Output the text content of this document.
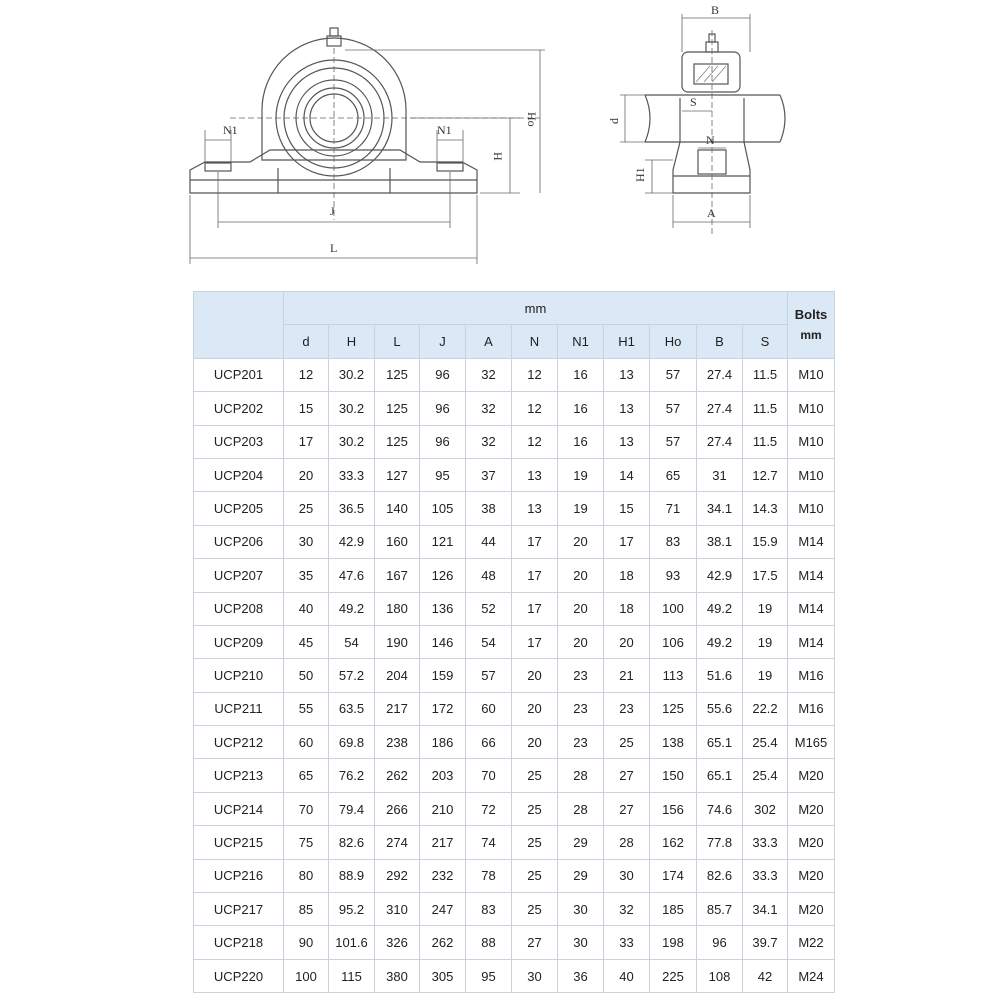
N1	N1
H
Ho
J
L
B
S
d
N
H1
A
	mm											Bolts
mm

	d	H	L	J	A	N	N1	H1	Ho	B	S	
UCP201	12	30.2	125	96	32	12	16	13	57	27.4	11.5	M10
UCP202	15	30.2	125	96	32	12	16	13	57	27.4	11.5	M10
UCP203	17	30.2	125	96	32	12	16	13	57	27.4	11.5	M10
UCP204	20	33.3	127	95	37	13	19	14	65	31	12.7	M10
UCP205	25	36.5	140	105	38	13	19	15	71	34.1	14.3	M10
UCP206	30	42.9	160	121	44	17	20	17	83	38.1	15.9	M14
UCP207	35	47.6	167	126	48	17	20	18	93	42.9	17.5	M14
UCP208	40	49.2	180	136	52	17	20	18	100	49.2	19	M14
UCP209	45	54	190	146	54	17	20	20	106	49.2	19	M14
UCP210	50	57.2	204	159	57	20	23	21	113	51.6	19	M16
UCP211	55	63.5	217	172	60	20	23	23	125	55.6	22.2	M16
UCP212	60	69.8	238	186	66	20	23	25	138	65.1	25.4	M165
UCP213	65	76.2	262	203	70	25	28	27	150	65.1	25.4	M20
UCP214	70	79.4	266	210	72	25	28	27	156	74.6	302	M20
UCP215	75	82.6	274	217	74	25	29	28	162	77.8	33.3	M20
UCP216	80	88.9	292	232	78	25	29	30	174	82.6	33.3	M20
UCP217	85	95.2	310	247	83	25	30	32	185	85.7	34.1	M20
UCP218	90	101.6	326	262	88	27	30	33	198	96	39.7	M22
UCP220	100	115	380	305	95	30	36	40	225	108	42	M24
